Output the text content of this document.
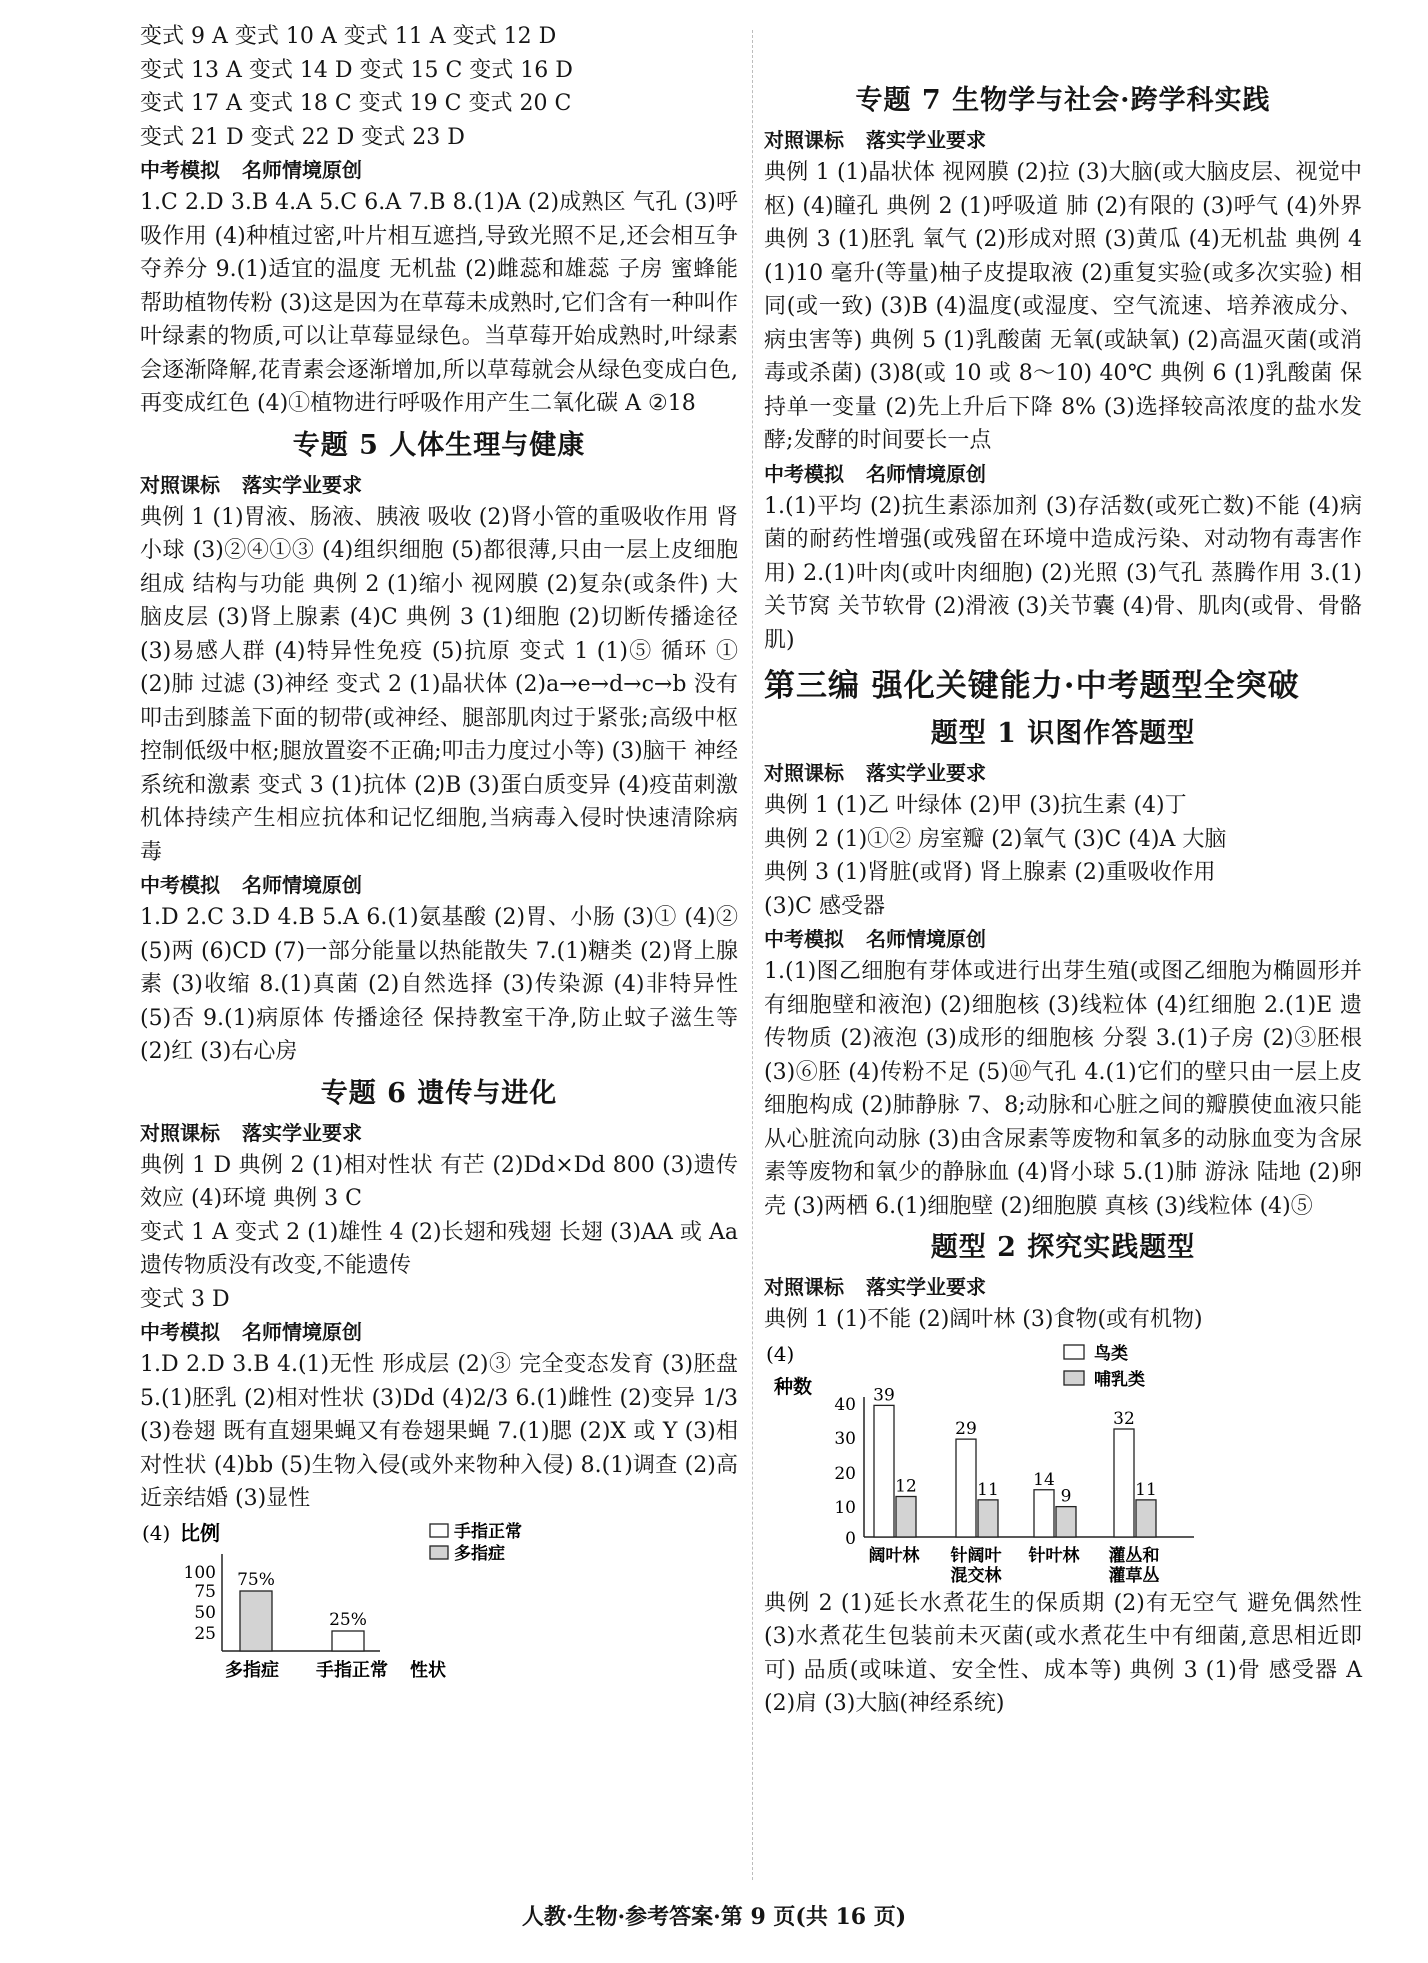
变式 9 A 变式 10 A 变式 11 A 变式 12 D

变式 13 A 变式 14 D 变式 15 C 变式 16 D

变式 17 A 变式 18 C 变式 19 C 变式 20 C

变式 21 D 变式 22 D 变式 23 D

中考模拟 名师情境原创

1.C 2.D 3.B 4.A 5.C 6.A 7.B 8.(1)A (2)成熟区 气孔 (3)呼吸作用 (4)种植过密,叶片相互遮挡,导致光照不足,还会相互争夺养分 9.(1)适宜的温度 无机盐 (2)雌蕊和雄蕊 子房 蜜蜂能帮助植物传粉 (3)这是因为在草莓未成熟时,它们含有一种叫作叶绿素的物质,可以让草莓显绿色。当草莓开始成熟时,叶绿素会逐渐降解,花青素会逐渐增加,所以草莓就会从绿色变成白色,再变成红色 (4)①植物进行呼吸作用产生二氧化碳 A ②18

专题 5 人体生理与健康
对照课标 落实学业要求

典例 1 (1)胃液、肠液、胰液 吸收 (2)肾小管的重吸收作用 肾小球 (3)②④①③ (4)组织细胞 (5)都很薄,只由一层上皮细胞组成 结构与功能 典例 2 (1)缩小 视网膜 (2)复杂(或条件) 大脑皮层 (3)肾上腺素 (4)C 典例 3 (1)细胞 (2)切断传播途径 (3)易感人群 (4)特异性免疫 (5)抗原 变式 1 (1)⑤ 循环 ① (2)肺 过滤 (3)神经 变式 2 (1)晶状体 (2)a→e→d→c→b 没有叩击到膝盖下面的韧带(或神经、腿部肌肉过于紧张;高级中枢控制低级中枢;腿放置姿不正确;叩击力度过小等) (3)脑干 神经系统和激素 变式 3 (1)抗体 (2)B (3)蛋白质变异 (4)疫苗刺激机体持续产生相应抗体和记忆细胞,当病毒入侵时快速清除病毒

中考模拟 名师情境原创

1.D 2.C 3.D 4.B 5.A 6.(1)氨基酸 (2)胃、小肠 (3)① (4)② (5)两 (6)CD (7)一部分能量以热能散失 7.(1)糖类 (2)肾上腺素 (3)收缩 8.(1)真菌 (2)自然选择 (3)传染源 (4)非特异性 (5)否 9.(1)病原体 传播途径 保持教室干净,防止蚊子滋生等 (2)红 (3)右心房

专题 6 遗传与进化
对照课标 落实学业要求

典例 1 D 典例 2 (1)相对性状 有芒 (2)Dd×Dd 800 (3)遗传效应 (4)环境 典例 3 C

变式 1 A 变式 2 (1)雄性 4 (2)长翅和残翅 长翅 (3)AA 或 Aa 遗传物质没有改变,不能遗传

变式 3 D

中考模拟 名师情境原创

1.D 2.D 3.B 4.(1)无性 形成层 (2)③ 完全变态发育 (3)胚盘 5.(1)胚乳 (2)相对性状 (3)Dd (4)2/3 6.(1)雌性 (2)变异 1/3 (3)卷翅 既有直翅果蝇又有卷翅果蝇 7.(1)腮 (2)X 或 Y (3)相对性状 (4)bb (5)生物入侵(或外来物种入侵) 8.(1)调查 (2)高 近亲结婚 (3)显性

(4) 比例	手指正常
多指症
100
75
50
25
75%
25%
多指症 手指正常 性状
专题 7 生物学与社会·跨学科实践
对照课标 落实学业要求

典例 1 (1)晶状体 视网膜 (2)拉 (3)大脑(或大脑皮层、视觉中枢) (4)瞳孔 典例 2 (1)呼吸道 肺 (2)有限的 (3)呼气 (4)外界 典例 3 (1)胚乳 氧气 (2)形成对照 (3)黄瓜 (4)无机盐 典例 4 (1)10 毫升(等量)柚子皮提取液 (2)重复实验(或多次实验) 相同(或一致) (3)B (4)温度(或湿度、空气流速、培养液成分、病虫害等) 典例 5 (1)乳酸菌 无氧(或缺氧) (2)高温灭菌(或消毒或杀菌) (3)8(或 10 或 8～10) 40℃ 典例 6 (1)乳酸菌 保持单一变量 (2)先上升后下降 8% (3)选择较高浓度的盐水发酵;发酵的时间要长一点

中考模拟 名师情境原创

1.(1)平均 (2)抗生素添加剂 (3)存活数(或死亡数)不能 (4)病菌的耐药性增强(或残留在环境中造成污染、对动物有毒害作用) 2.(1)叶肉(或叶肉细胞) (2)光照 (3)气孔 蒸腾作用 3.(1)关节窝 关节软骨 (2)滑液 (3)关节囊 (4)骨、肌肉(或骨、骨骼肌)

第三编 强化关键能力·中考题型全突破
题型 1 识图作答题型
对照课标 落实学业要求

典例 1 (1)乙 叶绿体 (2)甲 (3)抗生素 (4)丁

典例 2 (1)①② 房室瓣 (2)氧气 (3)C (4)A 大脑

典例 3 (1)肾脏(或肾) 肾上腺素 (2)重吸收作用

(3)C 感受器

中考模拟 名师情境原创

1.(1)图乙细胞有芽体或进行出芽生殖(或图乙细胞为椭圆形并有细胞壁和液泡) (2)细胞核 (3)线粒体 (4)红细胞 2.(1)E 遗传物质 (2)液泡 (3)成形的细胞核 分裂 3.(1)子房 (2)③胚根 (3)⑥胚 (4)传粉不足 (5)⑩气孔 4.(1)它们的壁只由一层上皮细胞构成 (2)肺静脉 7、8;动脉和心脏之间的瓣膜使血液只能从心脏流向动脉 (3)由含尿素等废物和氧多的动脉血变为含尿素等废物和氧少的静脉血 (4)肾小球 5.(1)肺 游泳 陆地 (2)卵壳 (3)两栖 6.(1)细胞壁 (2)细胞膜 真核 (3)线粒体 (4)⑤

题型 2 探究实践题型
对照课标 落实学业要求

典例 1 (1)不能 (2)阔叶林 (3)食物(或有机物)

(4)
种数
鸟类
哺乳类
40
30
20
10
0
39
29
14
32
12	11	9	11
阔叶林 针阔叶
混交林
针叶林 灌丛和
灌草丛

典例 2 (1)延长水煮花生的保质期 (2)有无空气 避免偶然性 (3)水煮花生包装前未灭菌(或水煮花生中有细菌,意思相近即可) 品质(或味道、安全性、成本等) 典例 3 (1)骨 感受器 A (2)肩 (3)大脑(神经系统)

人教·生物·参考答案·第 9 页(共 16 页)
